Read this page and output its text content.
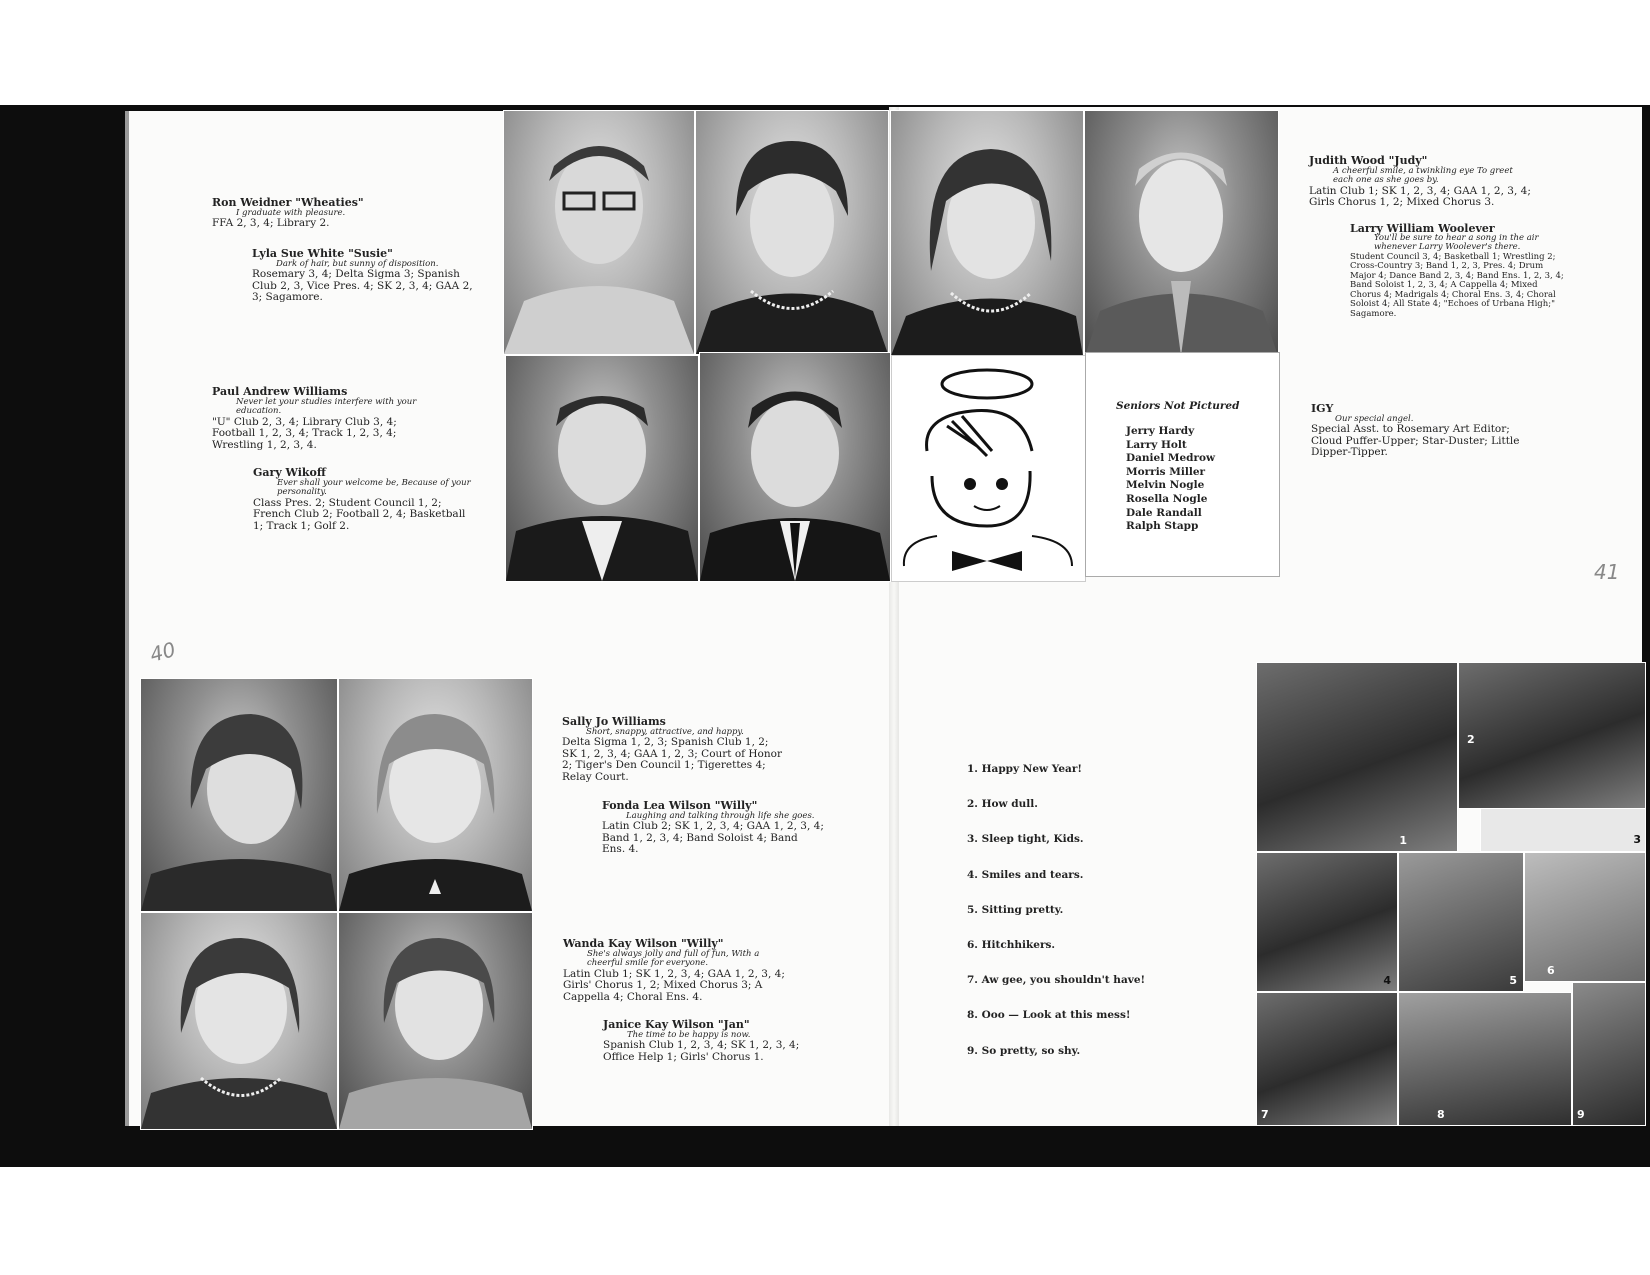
Seniors Not Pictured
Jerry Hardy
Larry Holt
Daniel Medrow
Morris Miller
Melvin Nogle
Rosella Nogle
Dale Randall
Ralph Stapp
Ron Weidner "Wheaties"
I graduate with pleasure.
FFA 2, 3, 4; Library 2.
Lyla Sue White "Susie"
Dark of hair, but sunny of disposition.
Rosemary 3, 4; Delta Sigma 3; Spanish Club 2, 3, Vice Pres. 4; SK 2, 3, 4; GAA 2, 3; Sagamore.
Paul Andrew Williams
Never let your studies interfere with your education.
"U" Club 2, 3, 4; Library Club 3, 4; Football 1, 2, 3, 4; Track 1, 2, 3, 4; Wrestling 1, 2, 3, 4.
Gary Wikoff
Ever shall your welcome be, Because of your personality.
Class Pres. 2; Student Council 1, 2; French Club 2; Football 2, 4; Basketball 1; Track 1; Golf 2.
Sally Jo Williams
Short, snappy, attractive, and happy.
Delta Sigma 1, 2, 3; Spanish Club 1, 2; SK 1, 2, 3, 4; GAA 1, 2, 3; Court of Honor 2; Tiger's Den Council 1; Tigerettes 4; Relay Court.
Fonda Lea Wilson "Willy"
Laughing and talking through life she goes.
Latin Club 2; SK 1, 2, 3, 4; GAA 1, 2, 3, 4; Band 1, 2, 3, 4; Band Soloist 4; Band Ens. 4.
Wanda Kay Wilson "Willy"
She's always jolly and full of fun, With a cheerful smile for everyone.
Latin Club 1; SK 1, 2, 3, 4; GAA 1, 2, 3, 4; Girls' Chorus 1, 2; Mixed Chorus 3; A Cappella 4; Choral Ens. 4.
Janice Kay Wilson "Jan"
The time to be happy is now.
Spanish Club 1, 2, 3, 4; SK 1, 2, 3, 4; Office Help 1; Girls' Chorus 1.
Judith Wood "Judy"
A cheerful smile, a twinkling eye To greet each one as she goes by.
Latin Club 1; SK 1, 2, 3, 4; GAA 1, 2, 3, 4; Girls Chorus 1, 2; Mixed Chorus 3.
Larry William Woolever
You'll be sure to hear a song in the air whenever Larry Woolever's there.
Student Council 3, 4; Basketball 1; Wrestling 2; Cross-Country 3; Band 1, 2, 3, Pres. 4; Drum Major 4; Dance Band 2, 3, 4; Band Ens. 1, 2, 3, 4; Band Soloist 1, 2, 3, 4; A Cappella 4; Mixed Chorus 4; Madrigals 4; Choral Ens. 3, 4; Choral Soloist 4; All State 4; "Echoes of Urbana High;" Sagamore.
IGY
Our special angel.
Special Asst. to Rosemary Art Editor; Cloud Puffer-Upper; Star-Duster; Little Dipper-Tipper.
41
40
1. Happy New Year!
2. How dull.
3. Sleep tight, Kids.
4. Smiles and tears.
5. Sitting pretty.
6. Hitchhikers.
7. Aw gee, you shouldn't have!
8. Ooo — Look at this mess!
9. So pretty, so shy.
1
2
3
4	5
6
7	8	9
